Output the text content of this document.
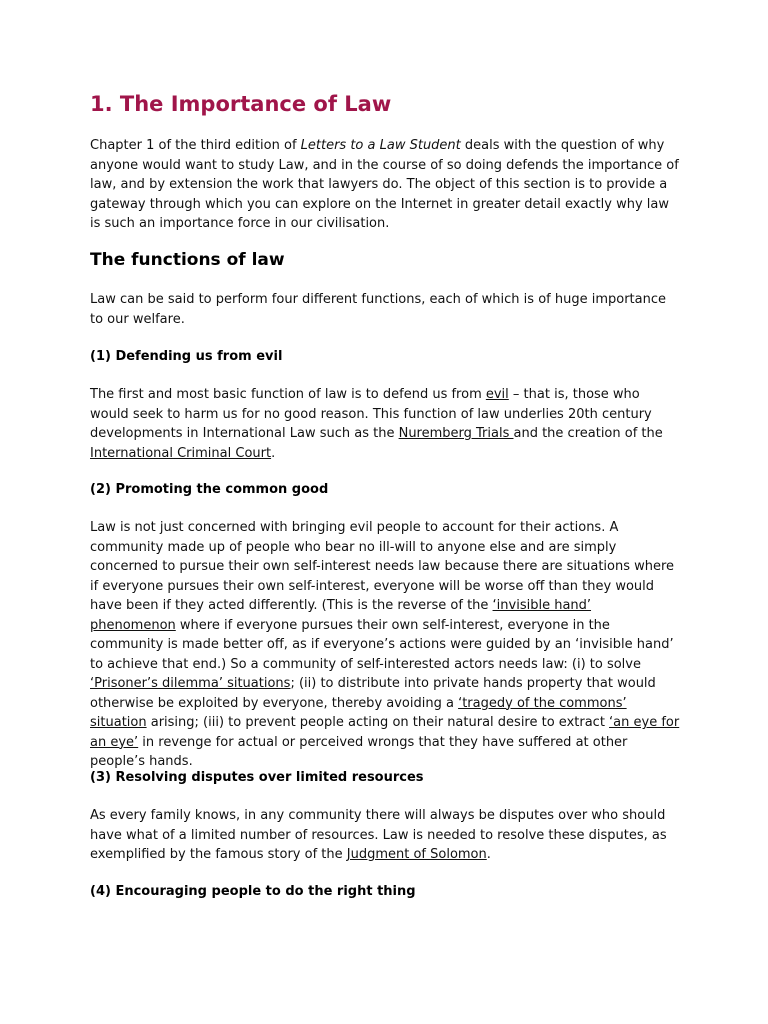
1. The Importance of Law

Chapter 1 of the third edition of Letters to a Law Student deals with the question of why anyone would want to study Law, and in the course of so doing defends the importance of law, and by extension the work that lawyers do. The object of this section is to provide a gateway through which you can explore on the Internet in greater detail exactly why law is such an importance force in our civilisation.

The functions of law

Law can be said to perform four different functions, each of which is of huge importance to our welfare.

(1) Defending us from evil

The first and most basic function of law is to defend us from evil – that is, those who would seek to harm us for no good reason. This function of law underlies 20th century developments in International Law such as the Nuremberg Trials and the creation of the International Criminal Court.

(2) Promoting the common good

Law is not just concerned with bringing evil people to account for their actions. A community made up of people who bear no ill-will to anyone else and are simply concerned to pursue their own self-interest needs law because there are situations where if everyone pursues their own self-interest, everyone will be worse off than they would have been if they acted differently. (This is the reverse of the ‘invisible hand’ phenomenon where if everyone pursues their own self-interest, everyone in the community is made better off, as if everyone’s actions were guided by an ‘invisible hand’ to achieve that end.) So a community of self-interested actors needs law: (i) to solve ‘Prisoner’s dilemma’ situations; (ii) to distribute into private hands property that would otherwise be exploited by everyone, thereby avoiding a ‘tragedy of the commons’ situation arising; (iii) to prevent people acting on their natural desire to extract ‘an eye for an eye’ in revenge for actual or perceived wrongs that they have suffered at other people’s hands.

(3) Resolving disputes over limited resources

As every family knows, in any community there will always be disputes over who should have what of a limited number of resources. Law is needed to resolve these disputes, as exemplified by the famous story of the Judgment of Solomon.

(4) Encouraging people to do the right thing
